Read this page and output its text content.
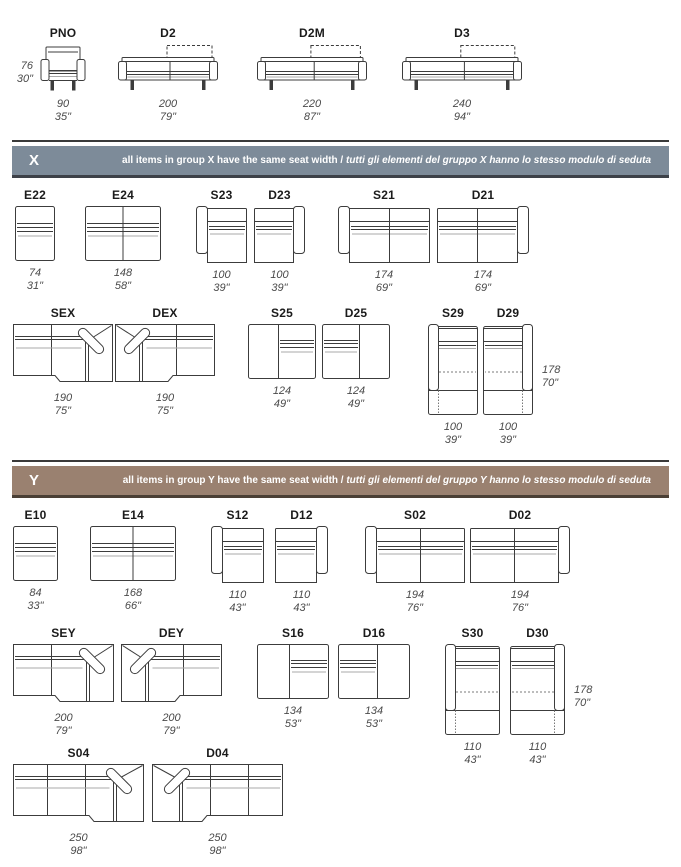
PNO
90
35"
76
30"
D2
200
79"
D2M
220
87"
D3
240
94"
X	all items in group X have the same seat width / tutti gli elementi del gruppo X hanno lo stesso modulo di seduta
E22
74
31"
E24
148
58"
S23
100
39"
D23
100
39"
S21
174
69"
D21
174
69"
SEX
190
75"
DEX
190
75"
S25
124
49"
D25
124
49"
S29
100
39"
D29
100
39"
178
70"
Y	all items in group Y have the same seat width / tutti gli elementi del gruppo Y hanno lo stesso modulo di seduta
E10
84
33"
E14
168
66"
S12
110
43"
D12
110
43"
S02
194
76"
D02
194
76"
SEY
200
79"
DEY
200
79"
S16
134
53"
D16
134
53"
S30
110
43"
D30
110
43"
178
70"
S04
250
98"
D04
250
98"
